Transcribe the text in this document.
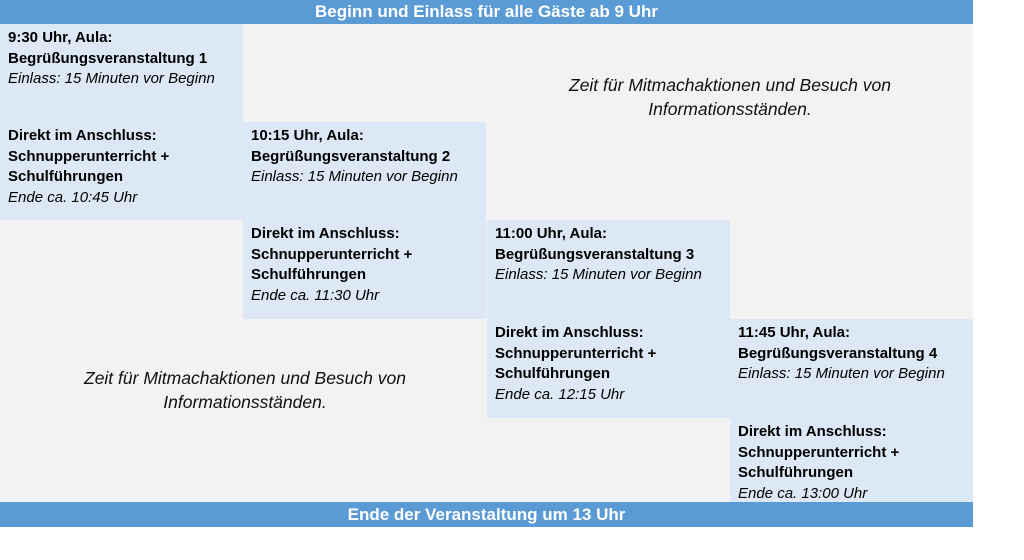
Beginn und Einlass für alle Gäste ab 9 Uhr
9:30 Uhr, Aula:
Begrüßungsveranstaltung 1
Einlass: 15 Minuten vor Beginn
Direkt im Anschluss:
Schnupperunterricht +
Schulführungen
Ende ca. 10:45 Uhr
10:15 Uhr, Aula:
Begrüßungsveranstaltung 2
Einlass: 15 Minuten vor Beginn
Direkt im Anschluss:
Schnupperunterricht +
Schulführungen
Ende ca. 11:30 Uhr
11:00 Uhr, Aula:
Begrüßungsveranstaltung 3
Einlass: 15 Minuten vor Beginn
Direkt im Anschluss:
Schnupperunterricht +
Schulführungen
Ende ca. 12:15 Uhr
11:45 Uhr, Aula:
Begrüßungsveranstaltung 4
Einlass: 15 Minuten vor Beginn
Direkt im Anschluss:
Schnupperunterricht +
Schulführungen
Ende ca. 13:00 Uhr
Zeit für Mitmachaktionen und Besuch von Informationsständen.
Zeit für Mitmachaktionen und Besuch von Informationsständen.
Ende der Veranstaltung um 13 Uhr
